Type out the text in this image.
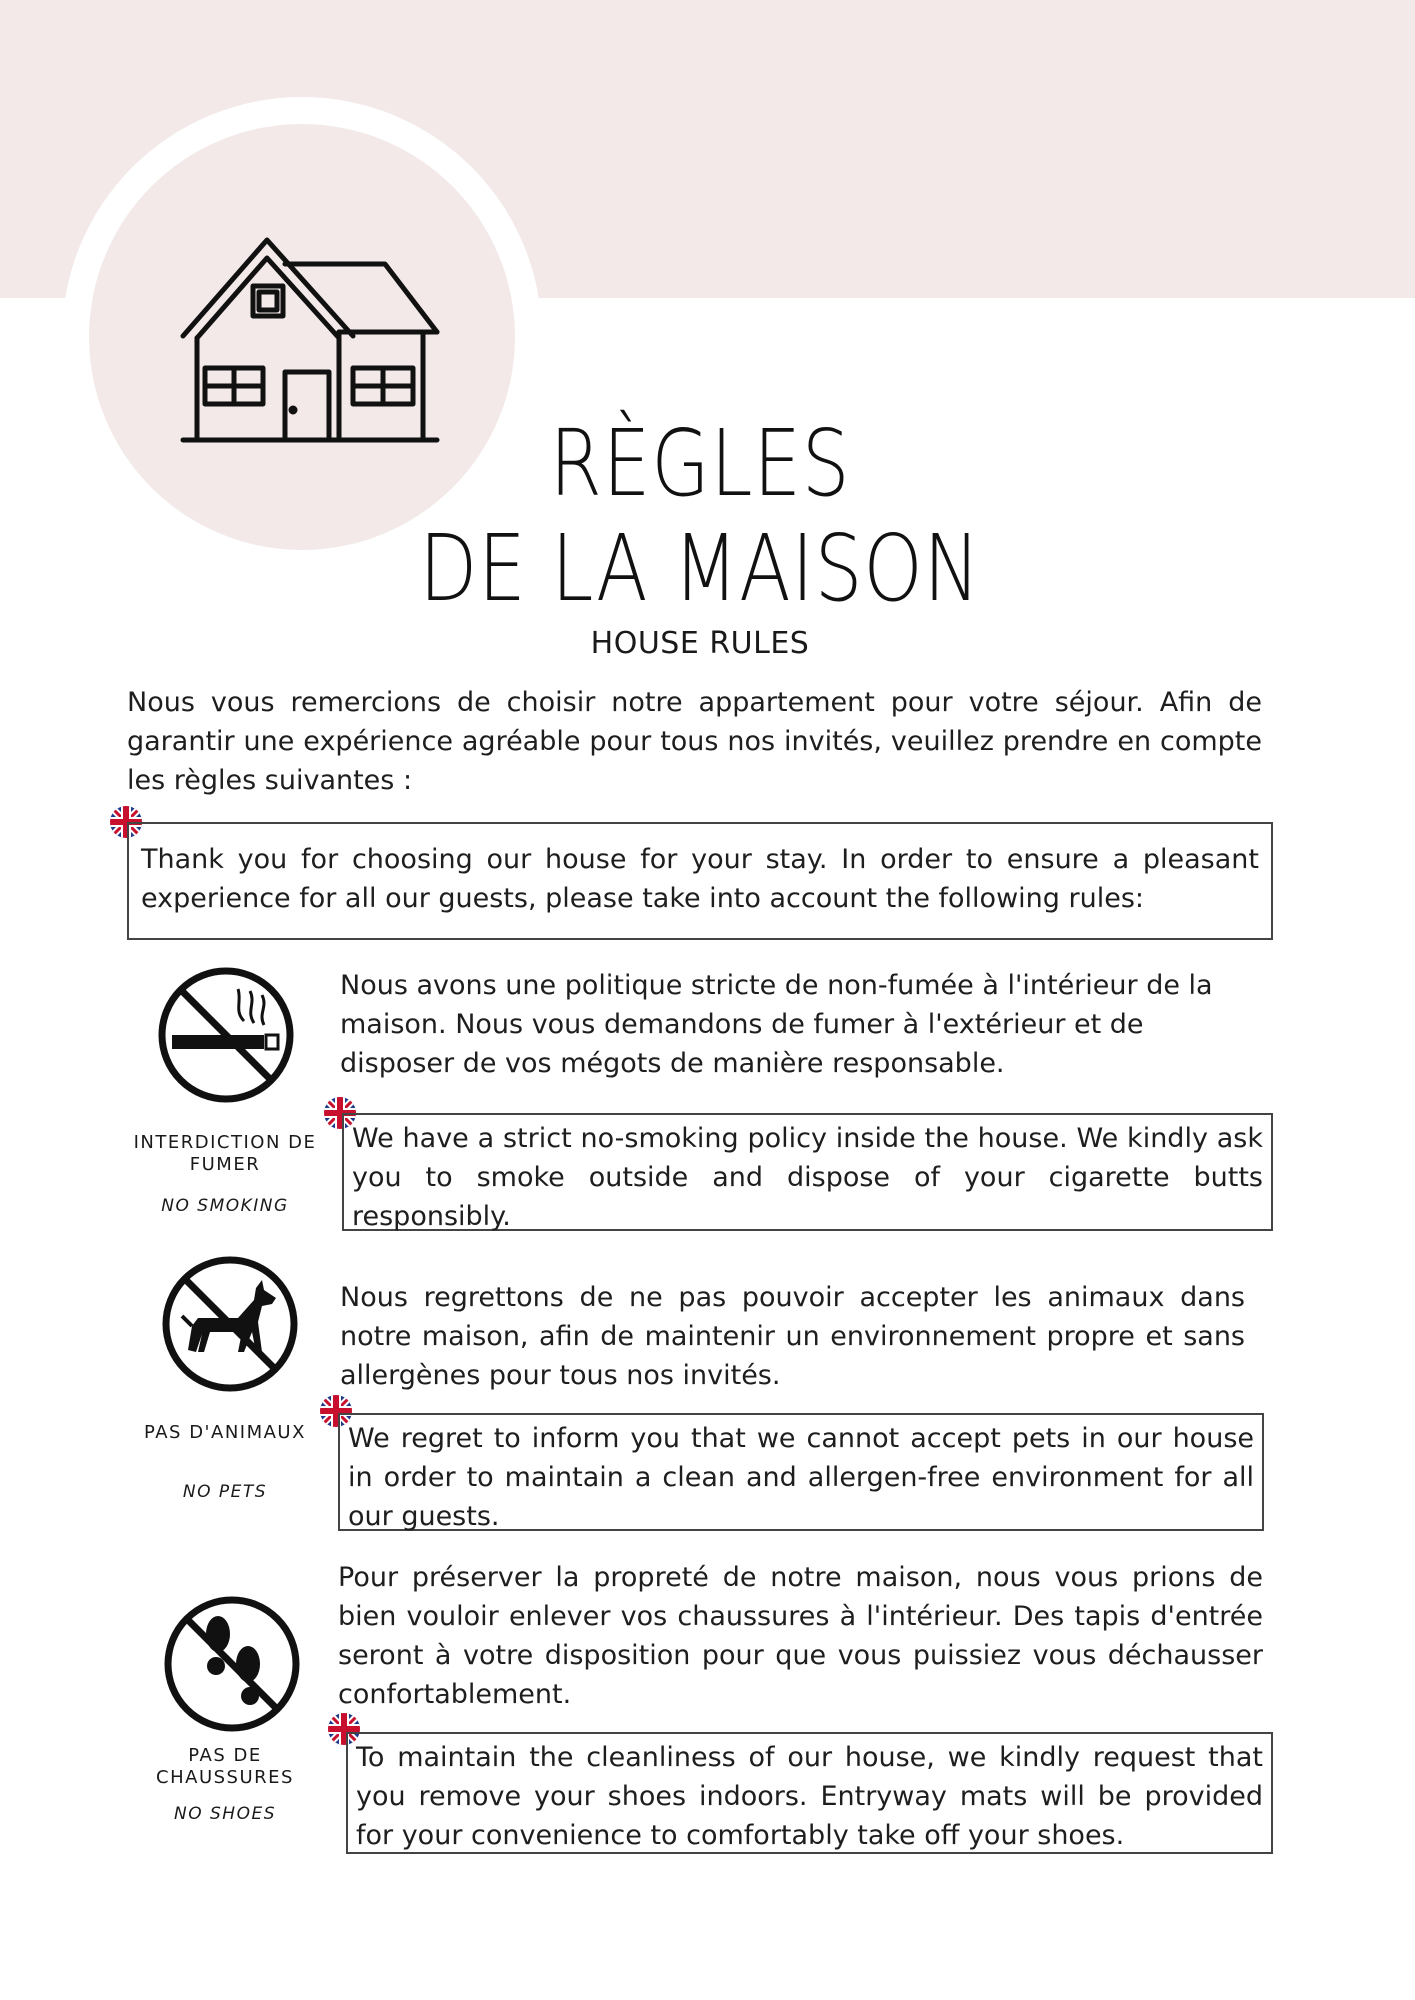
RÈGLES
DE LA MAISON
HOUSE RULES
Nous vous remercions de choisir notre appartement pour votre séjour. Afin de garantir une expérience agréable pour tous nos invités, veuillez prendre en compte les règles suivantes :
Thank you for choosing our house for your stay. In order to ensure a pleasant experience for all our guests, please take into account the following rules:
INTERDICTION DE FUMER
NO SMOKING
Nous avons une politique stricte de non-fumée à l'intérieur de la maison. Nous vous demandons de fumer à l'extérieur et de disposer de vos mégots de manière responsable.
We have a strict no-smoking policy inside the house. We kindly ask you to smoke outside and dispose of your cigarette butts responsibly.
PAS D'ANIMAUX
NO PETS
Nous regrettons de ne pas pouvoir accepter les animaux dans notre maison, afin de maintenir un environnement propre et sans allergènes pour tous nos invités.
We regret to inform you that we cannot accept pets in our house in order to maintain a clean and allergen-free environment for all our guests.
PAS DE CHAUSSURES
NO SHOES
Pour préserver la propreté de notre maison, nous vous prions de bien vouloir enlever vos chaussures à l'intérieur. Des tapis d'entrée seront à votre disposition pour que vous puissiez vous déchausser confortablement.
To maintain the cleanliness of our house, we kindly request that you remove your shoes indoors. Entryway mats will be provided for your convenience to comfortably take off your shoes.
